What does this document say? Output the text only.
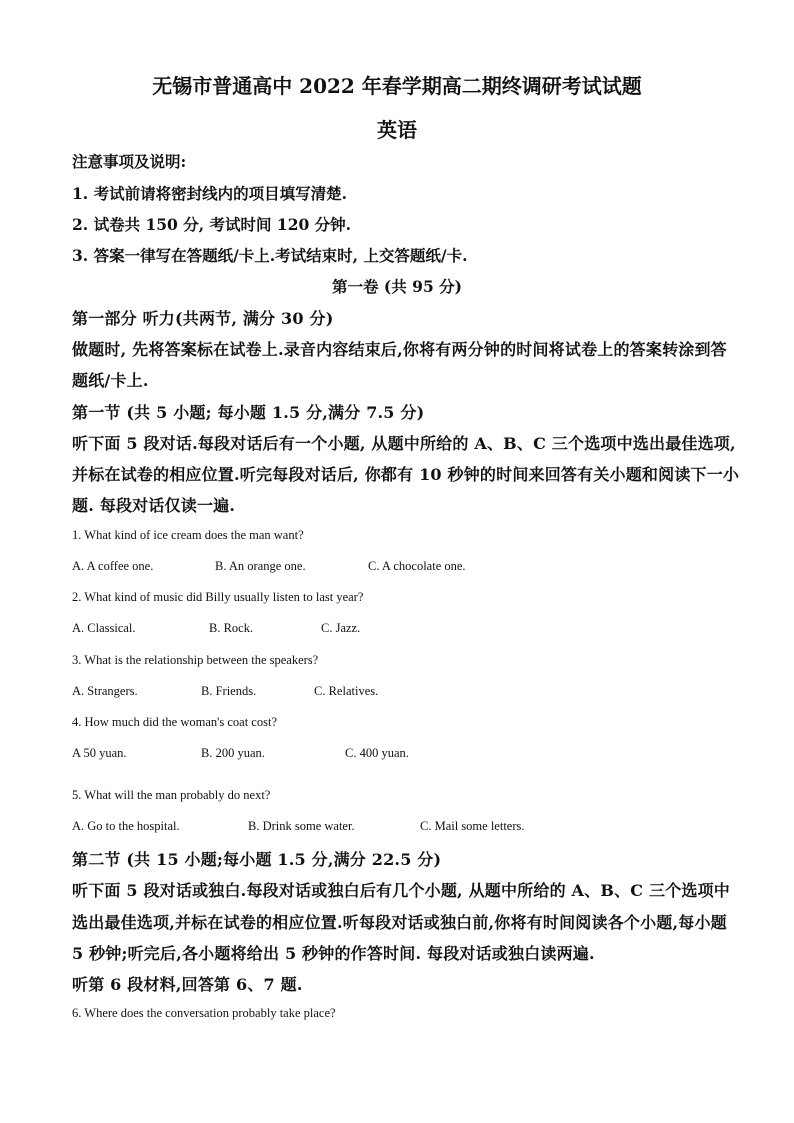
无锡市普通高中 2022 年春学期高二期终调研考试试题
英语
注意事项及说明:
1. 考试前请将密封线内的项目填写清楚.
2. 试卷共 150 分, 考试时间 120 分钟.
3. 答案一律写在答题纸/卡上.考试结束时, 上交答题纸/卡.
第一卷 (共 95 分)
第一部分 听力(共两节, 满分 30 分)
做题时, 先将答案标在试卷上.录音内容结束后,你将有两分钟的时间将试卷上的答案转涂到答
题纸/卡上.
第一节 (共 5 小题; 每小题 1.5 分,满分 7.5 分)
听下面 5 段对话.每段对话后有一个小题, 从题中所给的 A、B、C 三个选项中选出最佳选项,
并标在试卷的相应位置.听完每段对话后, 你都有 10 秒钟的时间来回答有关小题和阅读下一小
题. 每段对话仅读一遍.
1. What kind of ice cream does the man want?
A. A coffee one.	B. An orange one.	C. A chocolate one.
2. What kind of music did Billy usually listen to last year?
A. Classical.	B. Rock.	C. Jazz.
3. What is the relationship between the speakers?
A. Strangers.	B. Friends.	C. Relatives.
4. How much did the woman's coat cost?
A 50 yuan.	B. 200 yuan.	C. 400 yuan.
5. What will the man probably do next?
A. Go to the hospital.	B. Drink some water.	C. Mail some letters.
第二节 (共 15 小题;每小题 1.5 分,满分 22.5 分)
听下面 5 段对话或独白.每段对话或独白后有几个小题, 从题中所给的 A、B、C 三个选项中
选出最佳选项,并标在试卷的相应位置.听每段对话或独白前,你将有时间阅读各个小题,每小题
5 秒钟;听完后,各小题将给出 5 秒钟的作答时间. 每段对话或独白读两遍.
听第 6 段材料,回答第 6、7 题.
6. Where does the conversation probably take place?
